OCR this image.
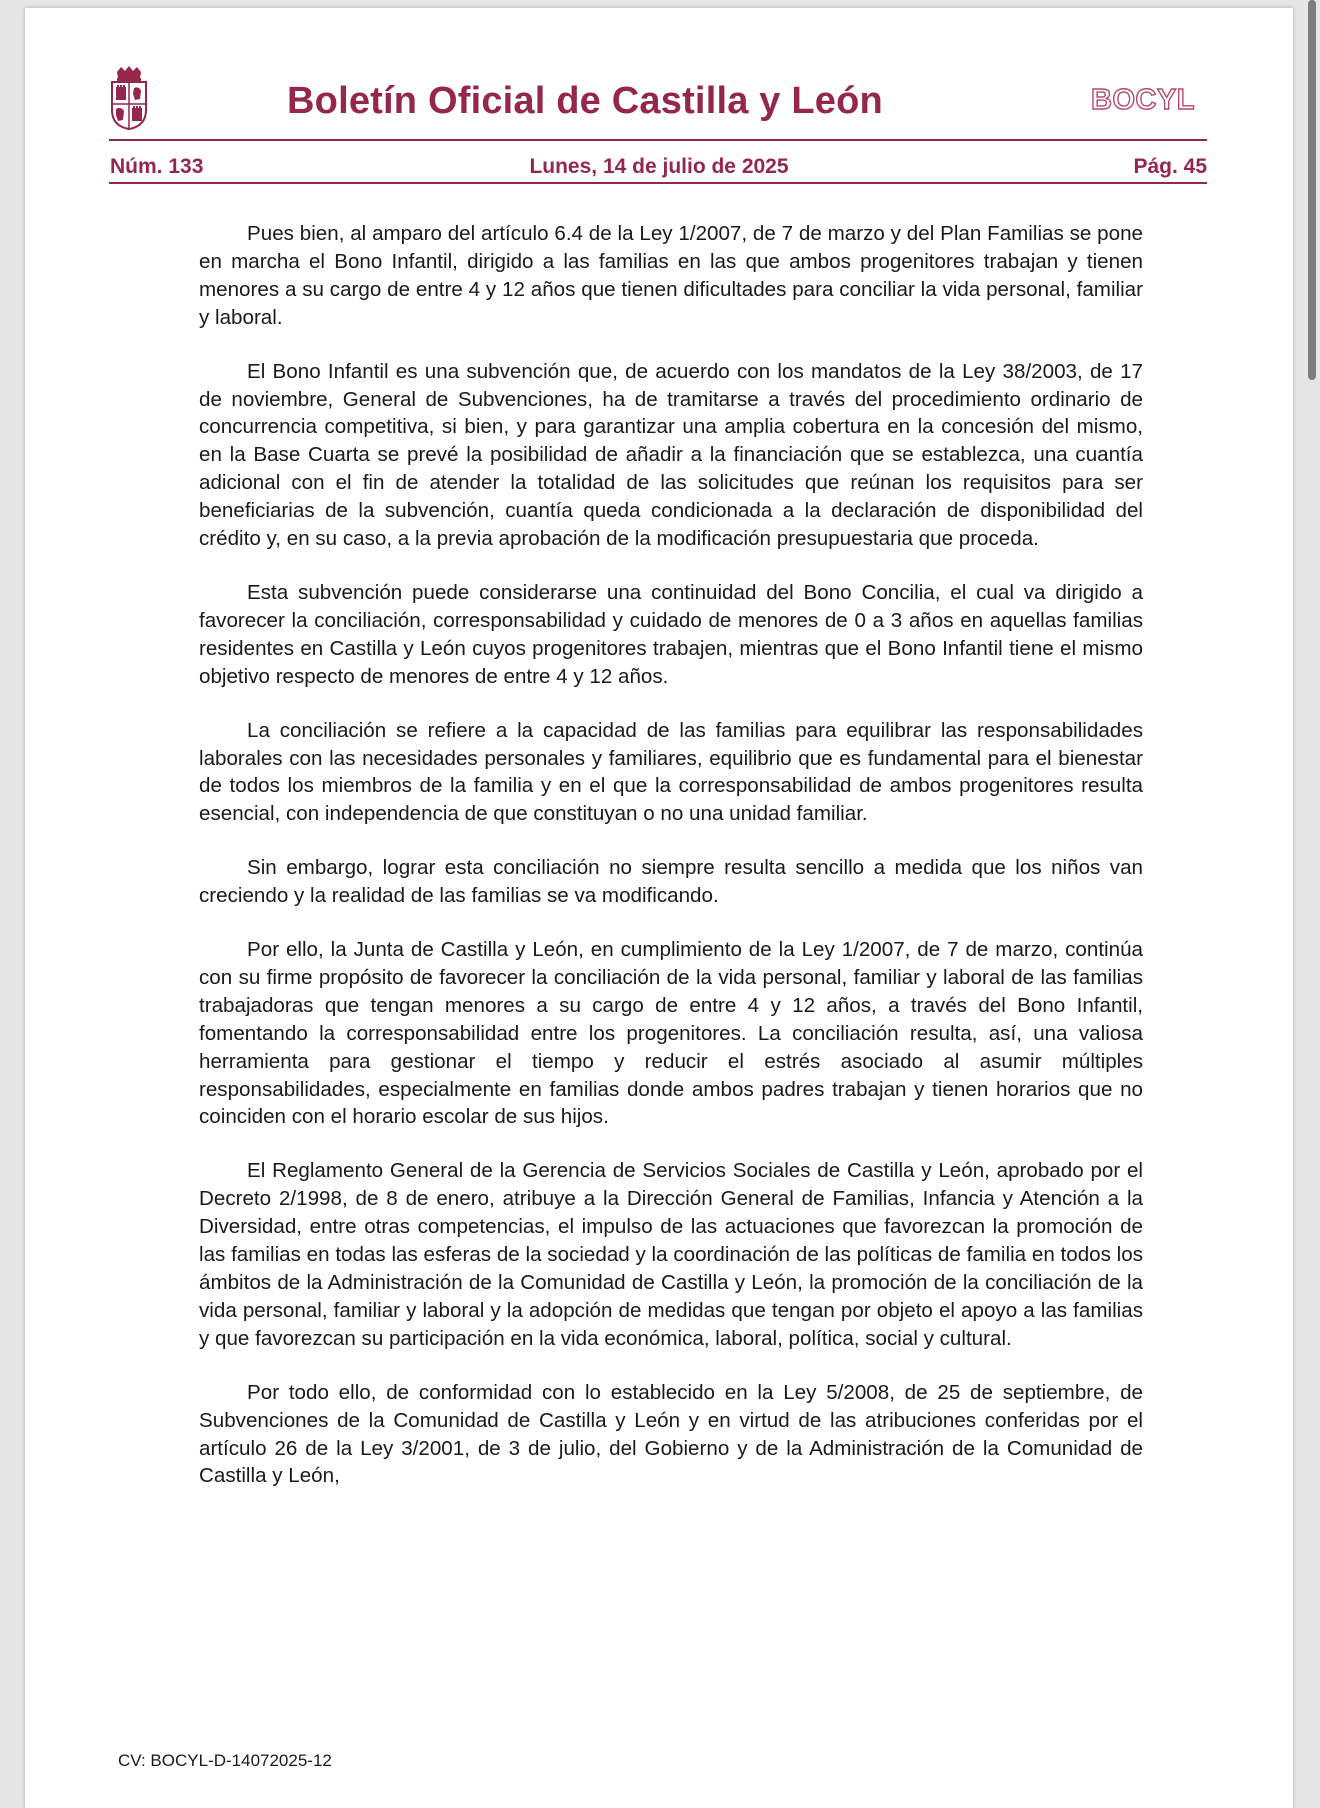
Boletín Oficial de Castilla y León	BOCYL
Núm. 133	Lunes, 14 de julio de 2025	Pág. 45

Pues bien, al amparo del artículo 6.4 de la Ley 1/2007, de 7 de marzo y del Plan Familias se pone en marcha el Bono Infantil, dirigido a las familias en las que ambos progenitores trabajan y tienen menores a su cargo de entre 4 y 12 años que tienen dificultades para conciliar la vida personal, familiar y laboral.

El Bono Infantil es una subvención que, de acuerdo con los mandatos de la Ley 38/2003, de 17 de noviembre, General de Subvenciones, ha de tramitarse a través del procedimiento ordinario de concurrencia competitiva, si bien, y para garantizar una amplia cobertura en la concesión del mismo, en la Base Cuarta se prevé la posibilidad de añadir a la financiación que se establezca, una cuantía adicional con el fin de atender la totalidad de las solicitudes que reúnan los requisitos para ser beneficiarias de la subvención, cuantía queda condicionada a la declaración de disponibilidad del crédito y, en su caso, a la previa aprobación de la modificación presupuestaria que proceda.

Esta subvención puede considerarse una continuidad del Bono Concilia, el cual va dirigido a favorecer la conciliación, corresponsabilidad y cuidado de menores de 0 a 3 años en aquellas familias residentes en Castilla y León cuyos progenitores trabajen, mientras que el Bono Infantil tiene el mismo objetivo respecto de menores de entre 4 y 12 años.

La conciliación se refiere a la capacidad de las familias para equilibrar las responsabilidades laborales con las necesidades personales y familiares, equilibrio que es fundamental para el bienestar de todos los miembros de la familia y en el que la corresponsabilidad de ambos progenitores resulta esencial, con independencia de que constituyan o no una unidad familiar.

Sin embargo, lograr esta conciliación no siempre resulta sencillo a medida que los niños van creciendo y la realidad de las familias se va modificando.

Por ello, la Junta de Castilla y León, en cumplimiento de la Ley 1/2007, de 7 de marzo, continúa con su firme propósito de favorecer la conciliación de la vida personal, familiar y laboral de las familias trabajadoras que tengan menores a su cargo de entre 4 y 12 años, a través del Bono Infantil, fomentando la corresponsabilidad entre los progenitores. La conciliación resulta, así, una valiosa herramienta para gestionar el tiempo y reducir el estrés asociado al asumir múltiples responsabilidades, especialmente en familias donde ambos padres trabajan y tienen horarios que no coinciden con el horario escolar de sus hijos.

El Reglamento General de la Gerencia de Servicios Sociales de Castilla y León, aprobado por el Decreto 2/1998, de 8 de enero, atribuye a la Dirección General de Familias, Infancia y Atención a la Diversidad, entre otras competencias, el impulso de las actuaciones que favorezcan la promoción de las familias en todas las esferas de la sociedad y la coordinación de las políticas de familia en todos los ámbitos de la Administración de la Comunidad de Castilla y León, la promoción de la conciliación de la vida personal, familiar y laboral y la adopción de medidas que tengan por objeto el apoyo a las familias y que favorezcan su participación en la vida económica, laboral, política, social y cultural.

Por todo ello, de conformidad con lo establecido en la Ley 5/2008, de 25 de septiembre, de Subvenciones de la Comunidad de Castilla y León y en virtud de las atribuciones conferidas por el artículo 26 de la Ley 3/2001, de 3 de julio, del Gobierno y de la Administración de la Comunidad de Castilla y León,

CV: BOCYL-D-14072025-12
